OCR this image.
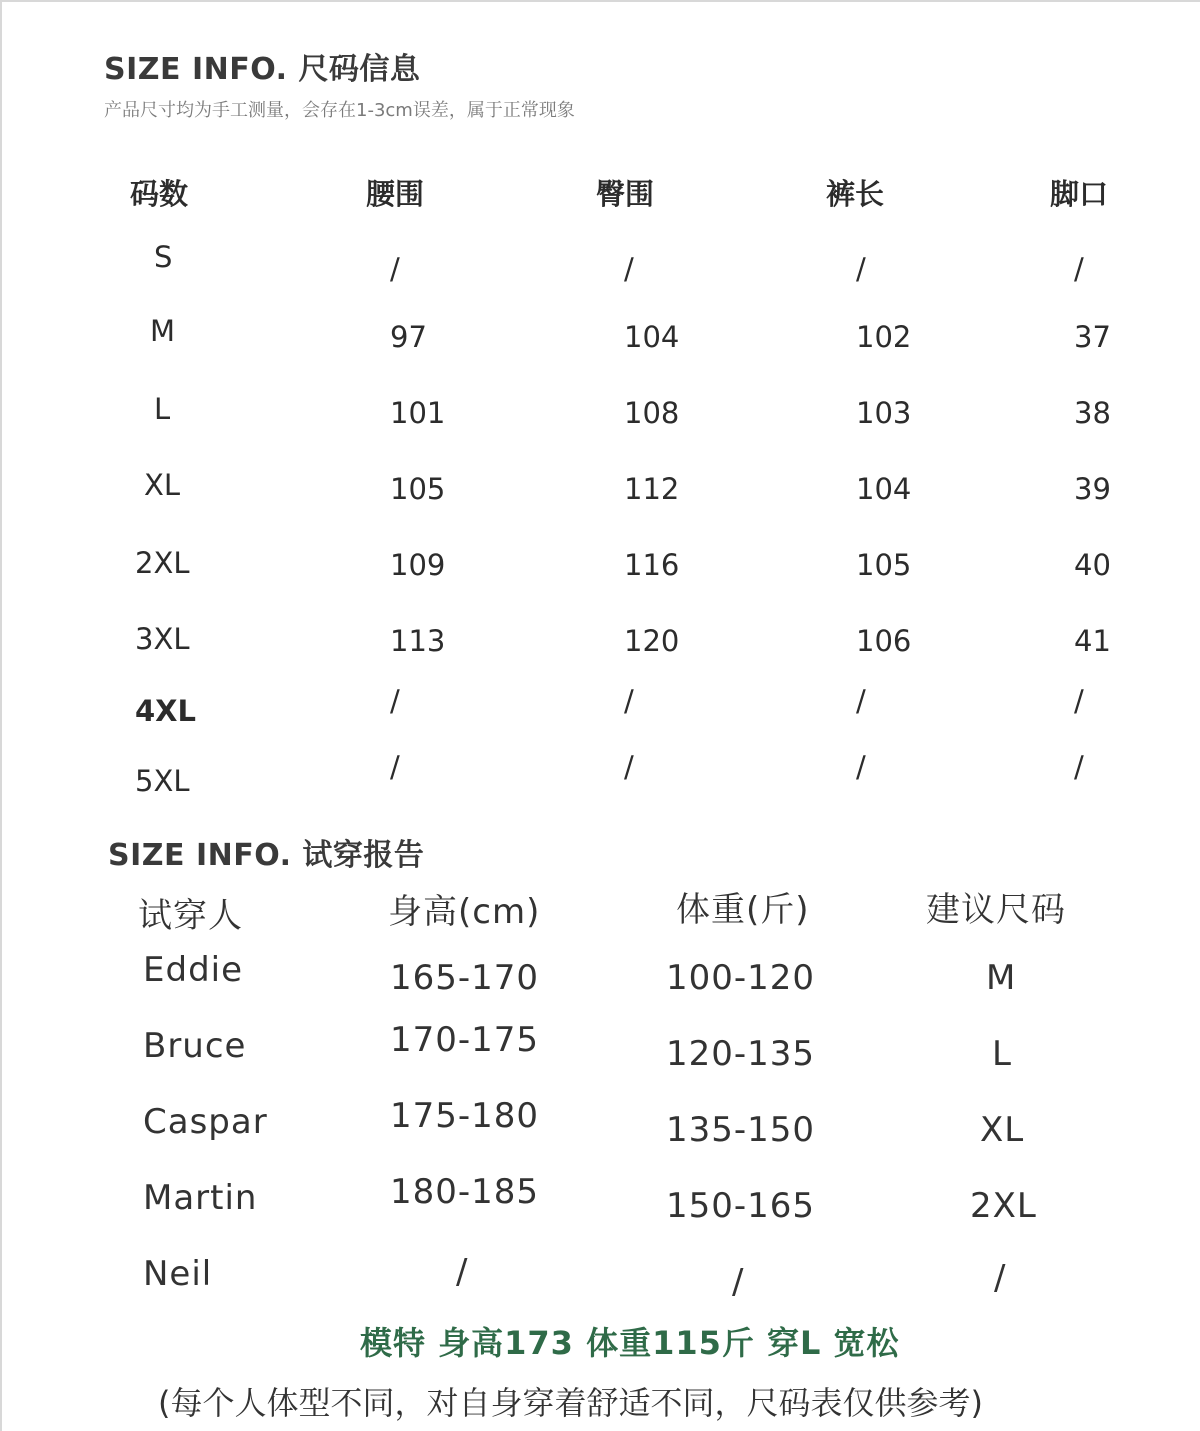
SIZE INFO. 尺码信息
产品尺寸均为手工测量，会存在1-3cm误差，属于正常现象
码数	腰围	臀围	裤长	脚口
S	/	/	/	/
M	97	104	102	37
L	101	108	103	38
XL	105	112	104	39
2XL	109	116	105	40
3XL	113	120	106	41
4XL	/	/	/	/
5XL	/	/	/	/
SIZE INFO. 试穿报告
试穿人	身高(cm)	体重(斤)	建议尺码
Eddie	165-170	100-120	M
Bruce	170-175	120-135	L
Caspar	175-180	135-150	XL
Martin	180-185	150-165	2XL
Neil	/	/	/
模特 身高173 体重115斤 穿L 宽松
(每个人体型不同，对自身穿着舒适不同，尺码表仅供参考)
